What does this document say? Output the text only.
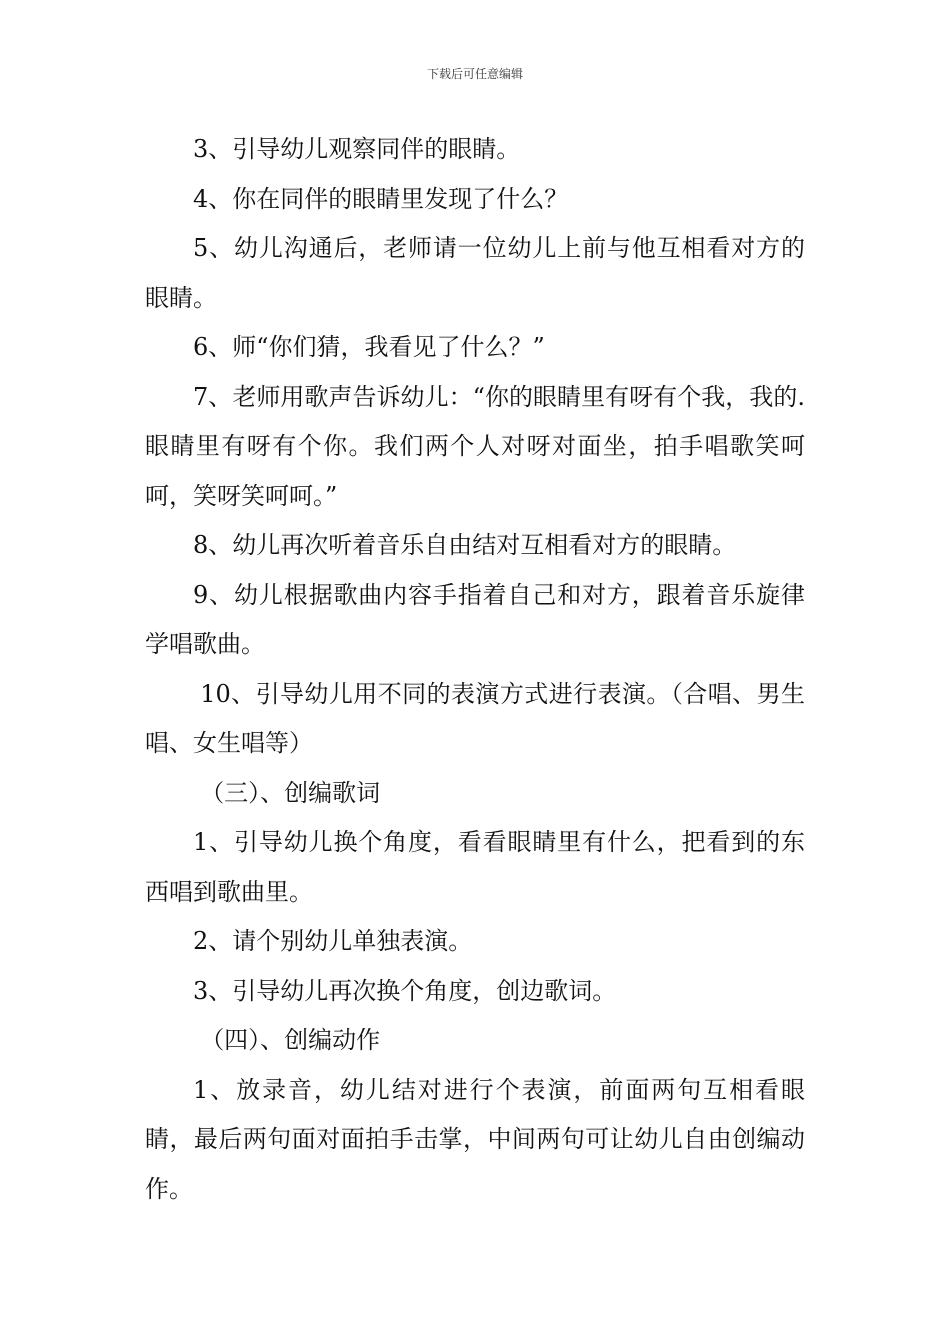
下载后可任意编辑

3、引导幼儿观察同伴的眼睛。

4、你在同伴的眼睛里发现了什么？

5、幼儿沟通后，老师请一位幼儿上前与他互相看对方的眼睛。

6、师“你们猜，我看见了什么？”

7、老师用歌声告诉幼儿：“你的眼睛里有呀有个我，我的.眼睛里有呀有个你。我们两个人对呀对面坐，拍手唱歌笑呵呵，笑呀笑呵呵。”

8、幼儿再次听着音乐自由结对互相看对方的眼睛。

9、幼儿根据歌曲内容手指着自己和对方，跟着音乐旋律学唱歌曲。

10、引导幼儿用不同的表演方式进行表演。（合唱、男生唱、女生唱等）

（三）、创编歌词

1、引导幼儿换个角度，看看眼睛里有什么，把看到的东西唱到歌曲里。

2、请个别幼儿单独表演。

3、引导幼儿再次换个角度，创边歌词。

（四）、创编动作

1、放录音，幼儿结对进行个表演，前面两句互相看眼睛，最后两句面对面拍手击掌，中间两句可让幼儿自由创编动作。
